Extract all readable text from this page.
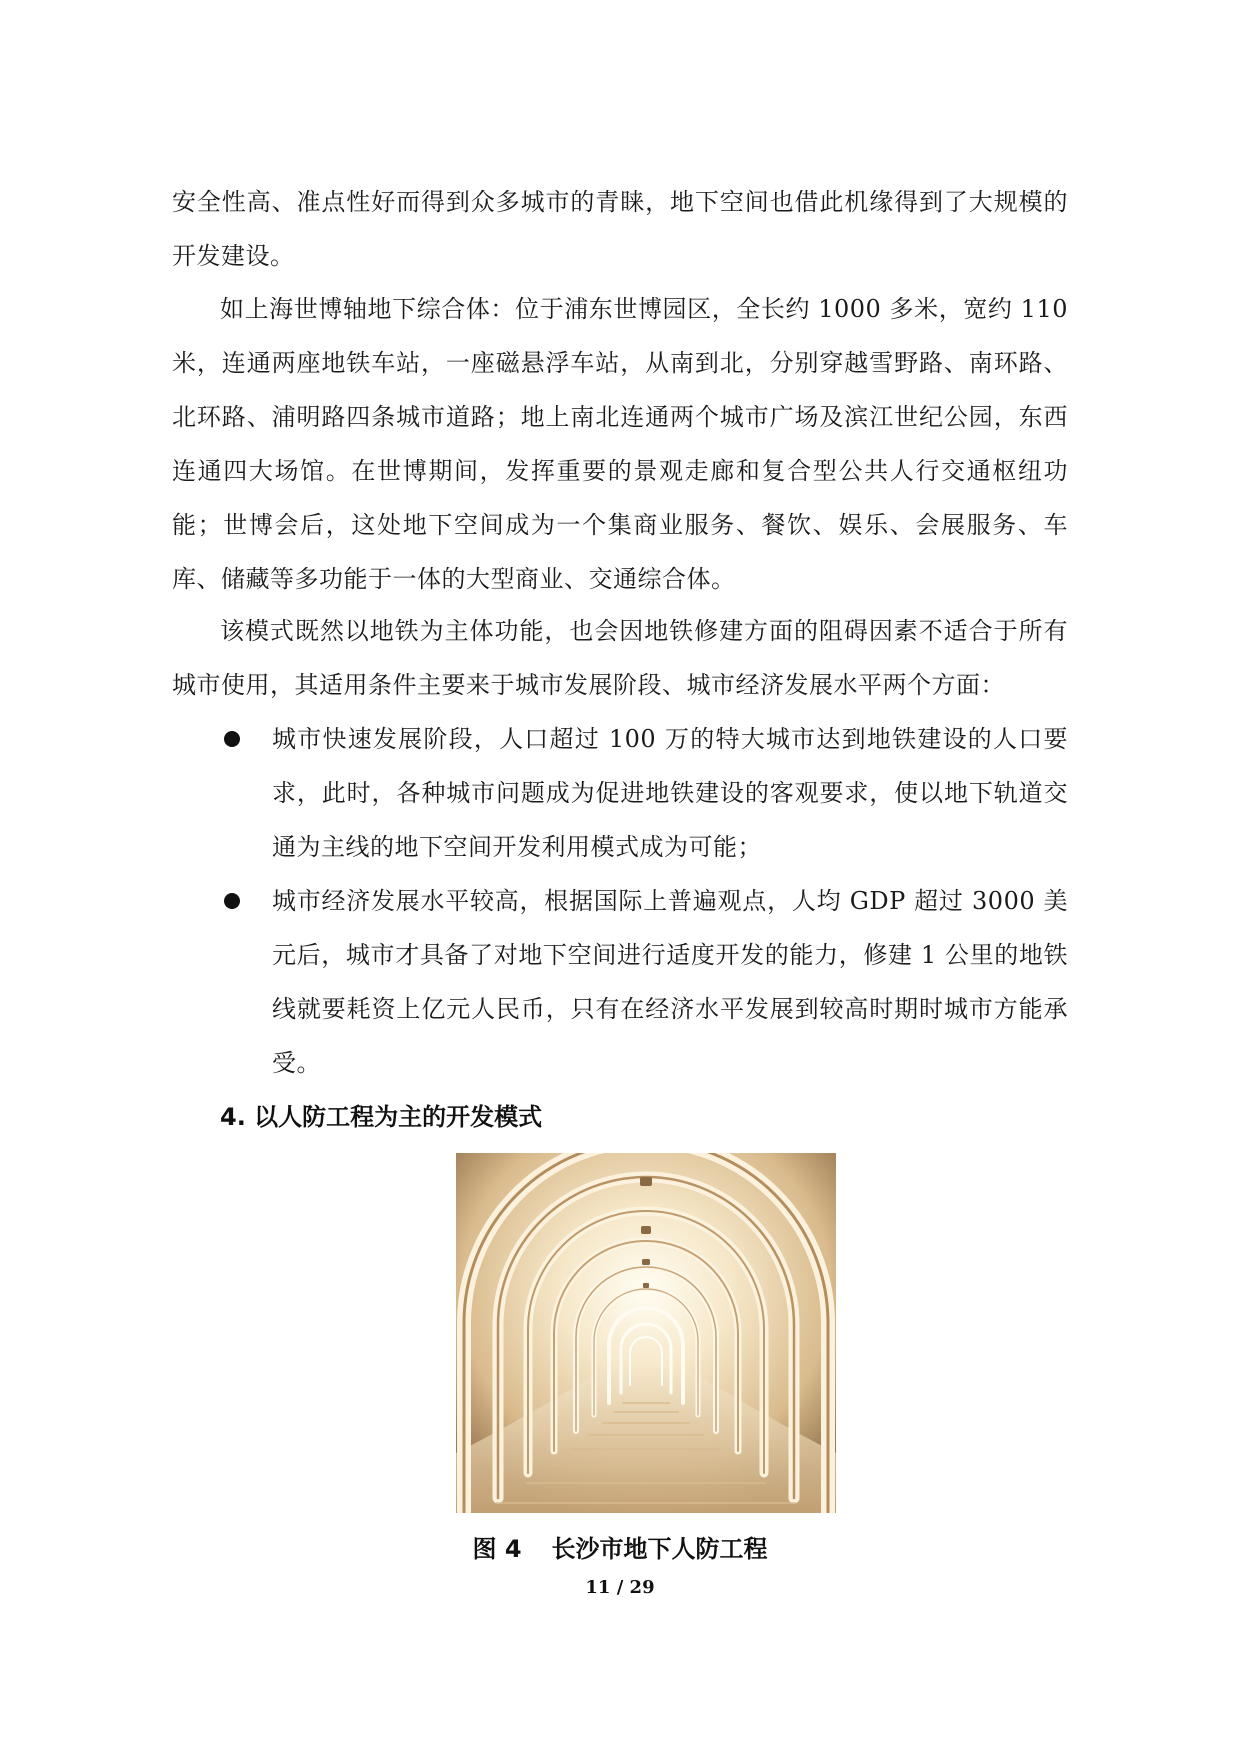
安全性高、准点性好而得到众多城市的青睐，地下空间也借此机缘得到了大规模的开发建设。

如上海世博轴地下综合体：位于浦东世博园区，全长约 1000 多米，宽约 110 米，连通两座地铁车站，一座磁悬浮车站，从南到北，分别穿越雪野路、南环路、北环路、浦明路四条城市道路；地上南北连通两个城市广场及滨江世纪公园，东西连通四大场馆。在世博期间，发挥重要的景观走廊和复合型公共人行交通枢纽功能；世博会后，这处地下空间成为一个集商业服务、餐饮、娱乐、会展服务、车库、储藏等多功能于一体的大型商业、交通综合体。

该模式既然以地铁为主体功能，也会因地铁修建方面的阻碍因素不适合于所有城市使用，其适用条件主要来于城市发展阶段、城市经济发展水平两个方面：

城市快速发展阶段，人口超过 100 万的特大城市达到地铁建设的人口要求，此时，各种城市问题成为促进地铁建设的客观要求，使以地下轨道交通为主线的地下空间开发利用模式成为可能；
城市经济发展水平较高，根据国际上普遍观点，人均 GDP 超过 3000 美元后，城市才具备了对地下空间进行适度开发的能力，修建 1 公里的地铁线就要耗资上亿元人民币，只有在经济水平发展到较高时期时城市方能承受。
4. 以人防工程为主的开发模式

图 4 长沙市地下人防工程

11 / 29
